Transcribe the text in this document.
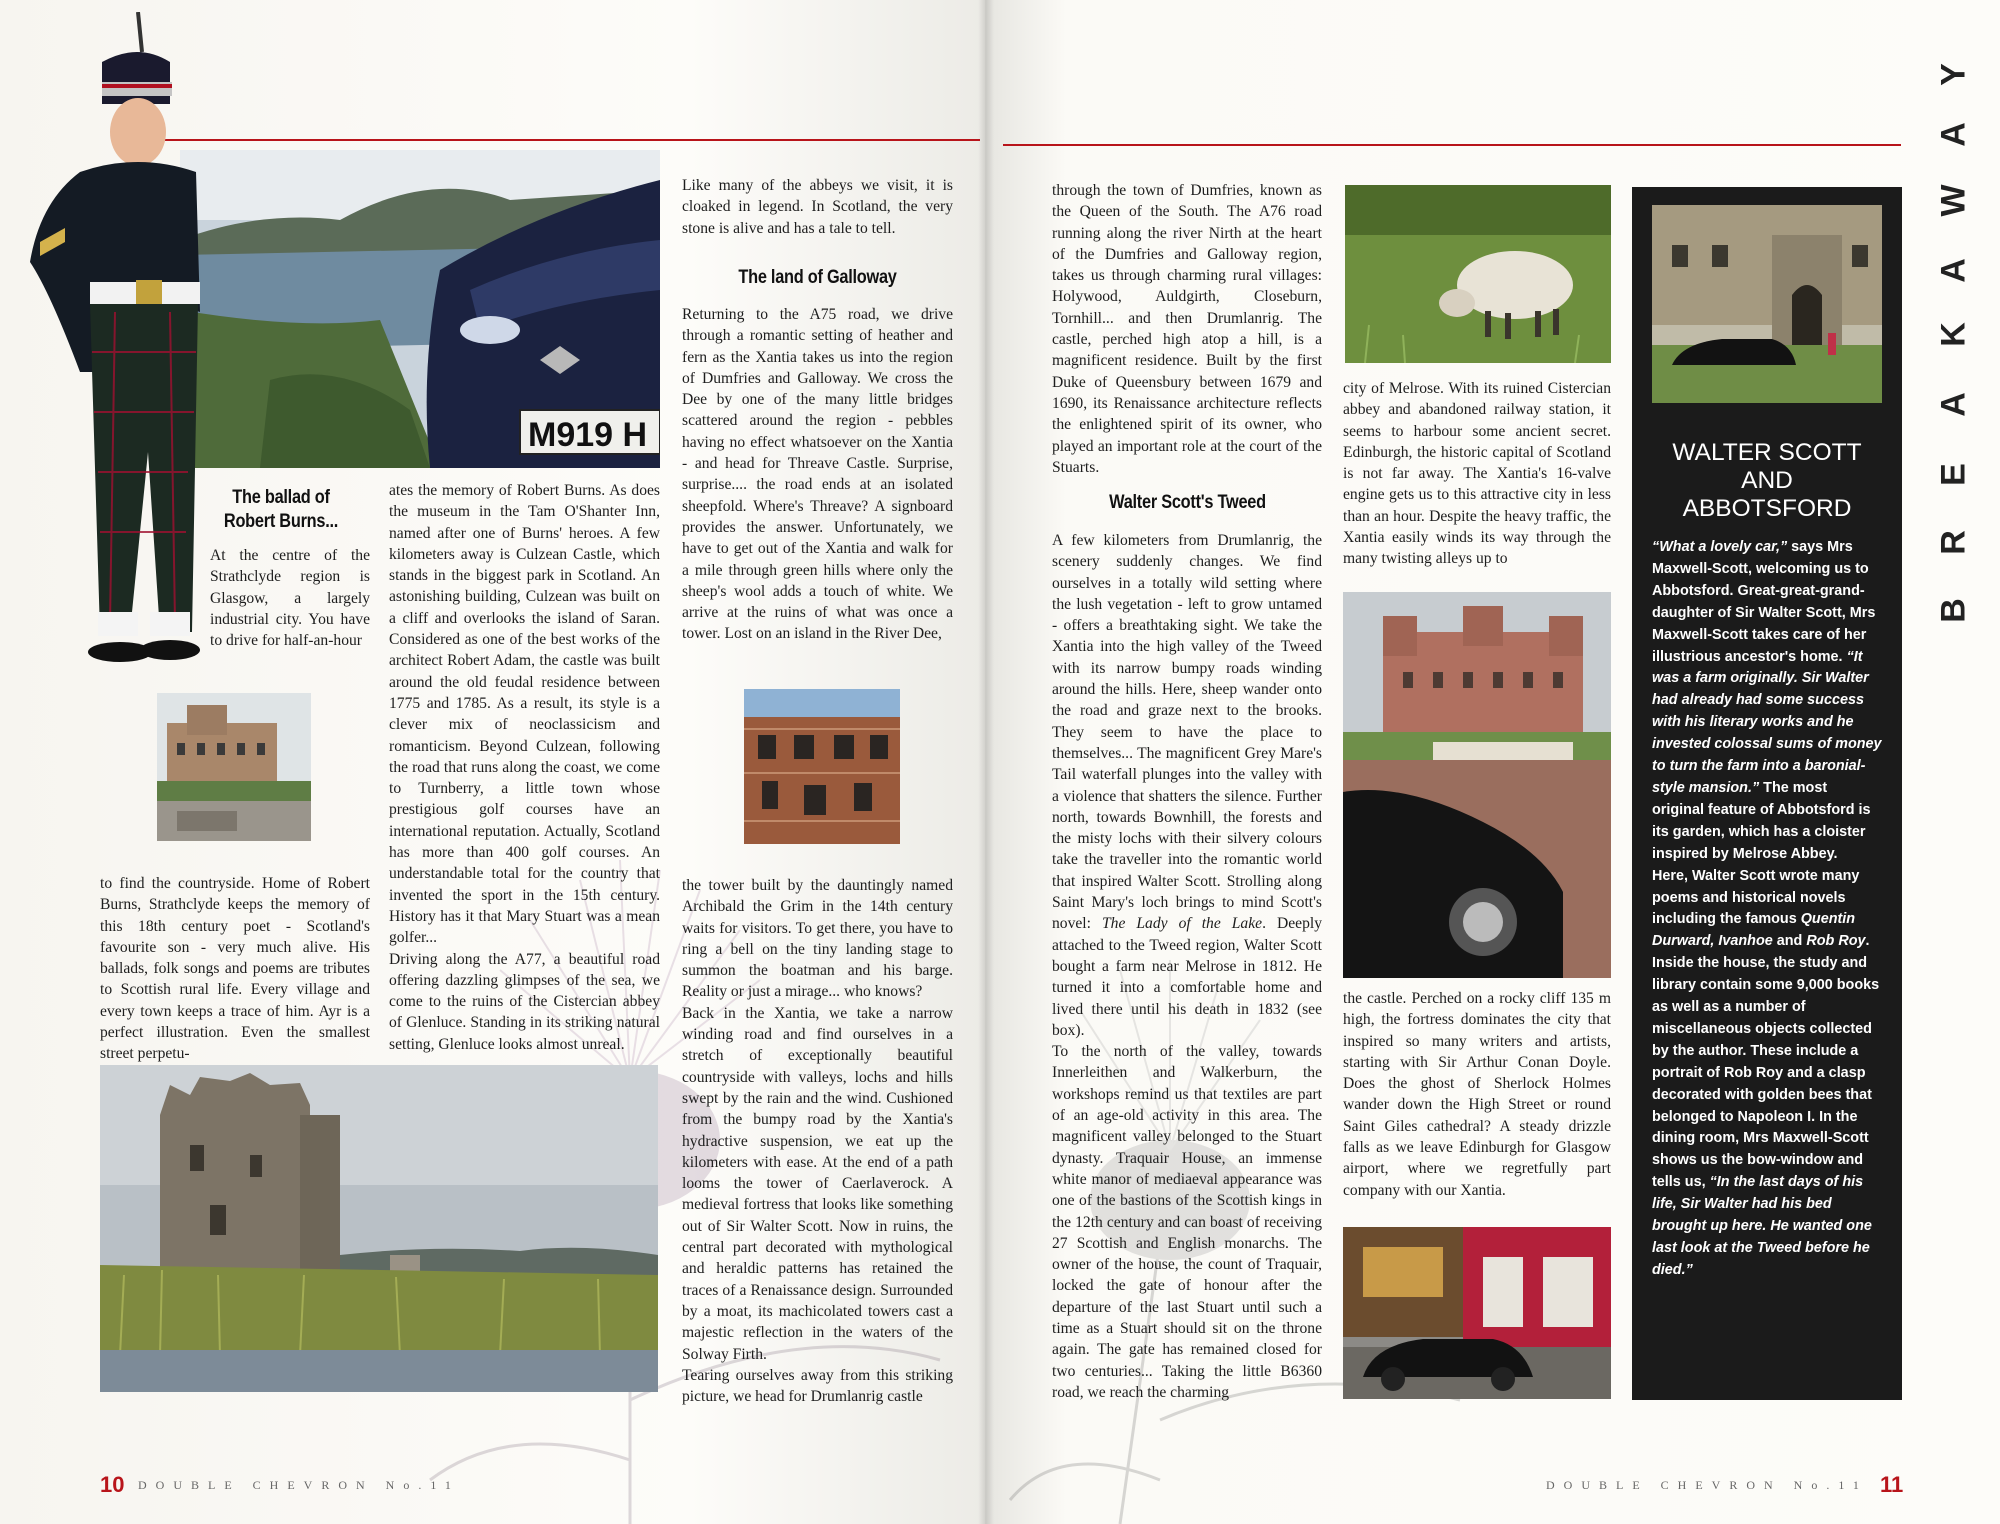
M919 H
The ballad of
Robert Burns...

At the centre of the Strathclyde region is Glasgow, a largely industrial city. You have to drive for half-an-hour

to find the countryside. Home of Robert Burns, Strathclyde keeps the memory of this 18th century poet - Scotland's favourite son - very much alive. His ballads, folk songs and poems are tributes to Scottish rural life. Every village and every town keeps a trace of him. Ayr is a perfect illustration. Even the smallest street perpetu-

ates the memory of Robert Burns. As does the museum in the Tam O'Shanter Inn, named after one of Burns' heroes. A few kilometers away is Culzean Castle, which stands in the biggest park in Scotland. An astonishing building, Culzean was built on a cliff and overlooks the island of Saran. Considered as one of the best works of the architect Robert Adam, the castle was built around the old feudal residence between 1775 and 1785. As a result, its style is a clever mix of neoclassicism and romanticism. Beyond Culzean, following the road that runs along the coast, we come to Turnberry, a little town whose prestigious golf courses have an international reputation. Actually, Scotland has more than 400 golf courses. An understandable total for the country that invented the sport in the 15th century. History has it that Mary Stuart was a mean golfer...

Driving along the A77, a beautiful road offering dazzling glimpses of the sea, we come to the ruins of the Cistercian abbey of Glenluce. Standing in its striking natural setting, Glenluce looks almost unreal.

Like many of the abbeys we visit, it is cloaked in legend. In Scotland, the very stone is alive and has a tale to tell.

The land of Galloway

Returning to the A75 road, we drive through a romantic setting of heather and fern as the Xantia takes us into the region of Dumfries and Galloway. We cross the Dee by one of the many little bridges scattered around the region - pebbles having no effect whatsoever on the Xantia - and head for Threave Castle. Surprise, surprise.... the road ends at an isolated sheepfold. Where's Threave? A signboard provides the answer. Unfortunately, we have to get out of the Xantia and walk for a mile through green hills where only the sheep's wool adds a touch of white. We arrive at the ruins of what was once a tower. Lost on an island in the River Dee,

the tower built by the dauntingly named Archibald the Grim in the 14th century waits for visitors. To get there, you have to ring a bell on the tiny landing stage to summon the boatman and his barge. Reality or just a mirage... who knows?

Back in the Xantia, we take a narrow winding road and find ourselves in a stretch of exceptionally beautiful countryside with valleys, lochs and hills swept by the rain and the wind. Cushioned from the bumpy road by the Xantia's hydractive suspension, we eat up the kilometers with ease. At the end of a path looms the tower of Caerlaverock. A medieval fortress that looks like something out of Sir Walter Scott. Now in ruins, the central part decorated with mythological and heraldic patterns has retained the traces of a Renaissance design. Surrounded by a moat, its machicolated towers cast a majestic reflection in the waters of the Solway Firth.

Tearing ourselves away from this striking picture, we head for Drumlanrig castle

10 DOUBLE CHEVRON No.11

through the town of Dumfries, known as the Queen of the South. The A76 road running along the river Nirth at the heart of the Dumfries and Galloway region, takes us through charming rural villages: Holywood, Auldgirth, Closeburn, Tornhill... and then Drumlanrig. The castle, perched high atop a hill, is a magnificent residence. Built by the first Duke of Queensbury between 1679 and 1690, its Renaissance architecture reflects the enlightened spirit of its owner, who played an important role at the court of the Stuarts.

Walter Scott's Tweed

A few kilometers from Drumlanrig, the scenery suddenly changes. We find ourselves in a totally wild setting where the lush vegetation - left to grow untamed - offers a breathtaking sight. We take the Xantia into the high valley of the Tweed with its narrow bumpy roads winding around the hills. Here, sheep wander onto the road and graze next to the brooks. They seem to have the place to themselves... The magnificent Grey Mare's Tail waterfall plunges into the valley with a violence that shatters the silence. Further north, towards Bownhill, the forests and the misty lochs with their silvery colours take the traveller into the romantic world that inspired Walter Scott. Strolling along Saint Mary's loch brings to mind Scott's novel: The Lady of the Lake. Deeply attached to the Tweed region, Walter Scott bought a farm near Melrose in 1812. He turned it into a comfortable home and lived there until his death in 1832 (see box).

To the north of the valley, towards Innerleithen and Walkerburn, the workshops remind us that textiles are part of an age-old activity in this area. The magnificent valley belonged to the Stuart dynasty. Traquair House, an immense white manor of mediaeval appearance was one of the bastions of the Scottish kings in the 12th century and can boast of receiving 27 Scottish and English monarchs. The owner of the house, the count of Traquair, locked the gate of honour after the departure of the last Stuart until such a time as a Stuart should sit on the throne again. The gate has remained closed for two centuries... Taking the little B6360 road, we reach the charming

city of Melrose. With its ruined Cistercian abbey and abandoned railway station, it seems to harbour some ancient secret. Edinburgh, the historic capital of Scotland is not far away. The Xantia's 16-valve engine gets us to this attractive city in less than an hour. Despite the heavy traffic, the Xantia easily winds its way through the many twisting alleys up to

the castle. Perched on a rocky cliff 135 m high, the fortress dominates the city that inspired so many writers and artists, starting with Sir Arthur Conan Doyle. Does the ghost of Sherlock Holmes wander down the High Street or round Saint Giles cathedral? A steady drizzle falls as we leave Edinburgh for Glasgow airport, where we regretfully part company with our Xantia.

WALTER SCOTT
AND
ABBOTSFORD

“What a lovely car,” says Mrs Maxwell-Scott, welcoming us to Abbotsford. Great-great-grand-daughter of Sir Walter Scott, Mrs Maxwell-Scott takes care of her illustrious ancestor's home. “It was a farm originally. Sir Walter had already had some success with his literary works and he invested colossal sums of money to turn the farm into a baronial-style mansion.” The most original feature of Abbotsford is its garden, which has a cloister inspired by Melrose Abbey.

Here, Walter Scott wrote many poems and historical novels including the famous Quentin Durward, Ivanhoe and Rob Roy.

Inside the house, the study and library contain some 9,000 books as well as a number of miscellaneous objects collected by the author. These include a portrait of Rob Roy and a clasp decorated with golden bees that belonged to Napoleon I. In the dining room, Mrs Maxwell-Scott shows us the bow-window and tells us, “In the last days of his life, Sir Walter had his bed brought up here. He wanted one last look at the Tweed before he died.”

Y
A
W
A
K
A
E
R
B
DOUBLE CHEVRON No.11 11
